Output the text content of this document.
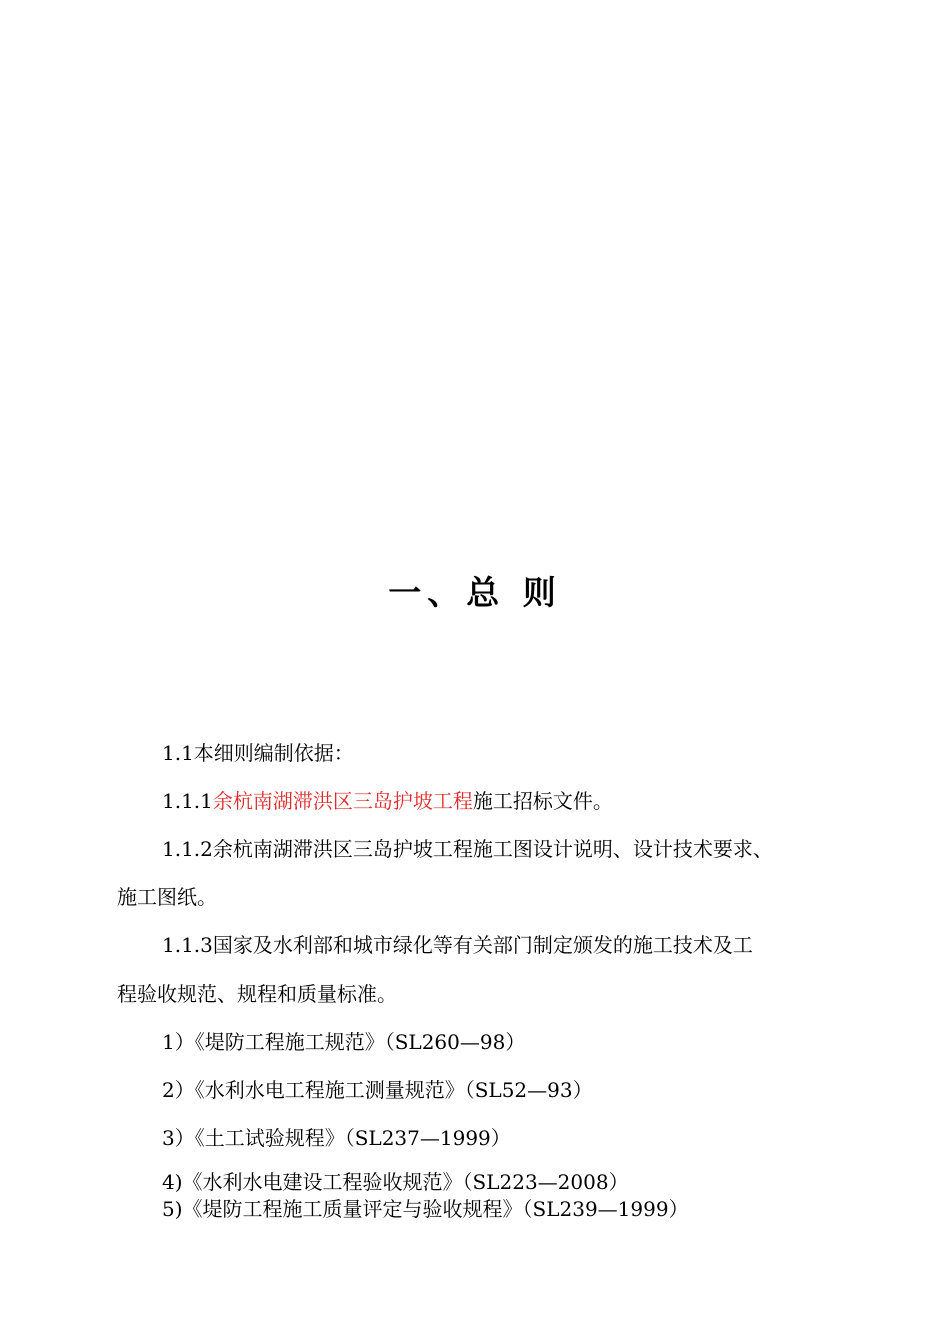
一、总 则
1.1本细则编制依据：
1.1.1余杭南湖滞洪区三岛护坡工程施工招标文件。
1.1.2余杭南湖滞洪区三岛护坡工程施工图设计说明、设计技术要求、
施工图纸。
1.1.3国家及水利部和城市绿化等有关部门制定颁发的施工技术及工
程验收规范、规程和质量标准。
1）《堤防工程施工规范》（SL260—98）
2）《水利水电工程施工测量规范》（SL52—93）
3）《土工试验规程》（SL237—1999）
4)《水利水电建设工程验收规范》（SL223—2008）
5)《堤防工程施工质量评定与验收规程》（SL239—1999）
